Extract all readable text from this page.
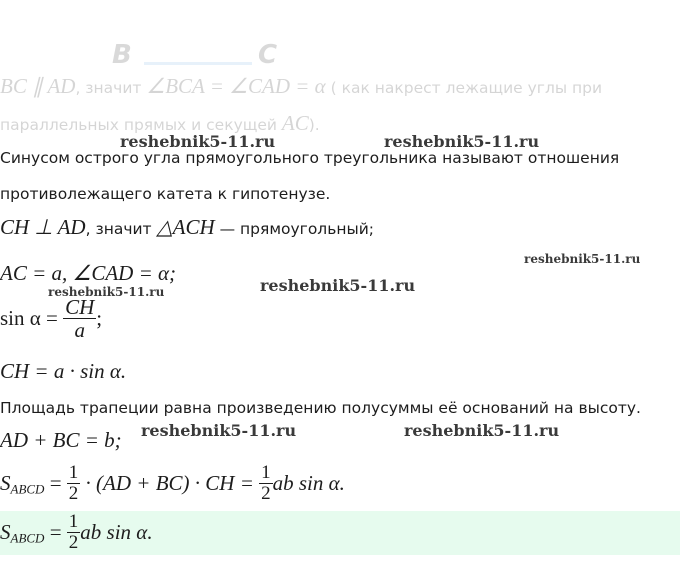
B	C
BC ∥ AD, значит ∠BCA = ∠CAD = α ( как накрест лежащие углы при
параллельных прямых и секущей AC).
Синусом острого угла прямоугольного треугольника называют отношения
противолежащего катета к гипотенузе.
CH ⊥ AD, значит △ACH — прямоугольный;
AC = a, ∠CAD = α;
$\sin \alpha = \frac{CH}{a}$ ;
CH = a · sin α.
Площадь трапеции равна произведению полусуммы её оснований на высоту.
AD + BC = b;
$S_{ABCD} = \frac{1}{2} \cdot (AD + BC)$ · CH = $\frac{1}{2}$ ab sin α.
$S_{ABCD} = \frac{1}{2}$ ab sin α.
reshebnik5-11.ru	reshebnik5-11.ru
reshebnik5-11.ru
reshebnik5-11.ru
reshebnik5-11.ru
reshebnik5-11.ru	reshebnik5-11.ru
